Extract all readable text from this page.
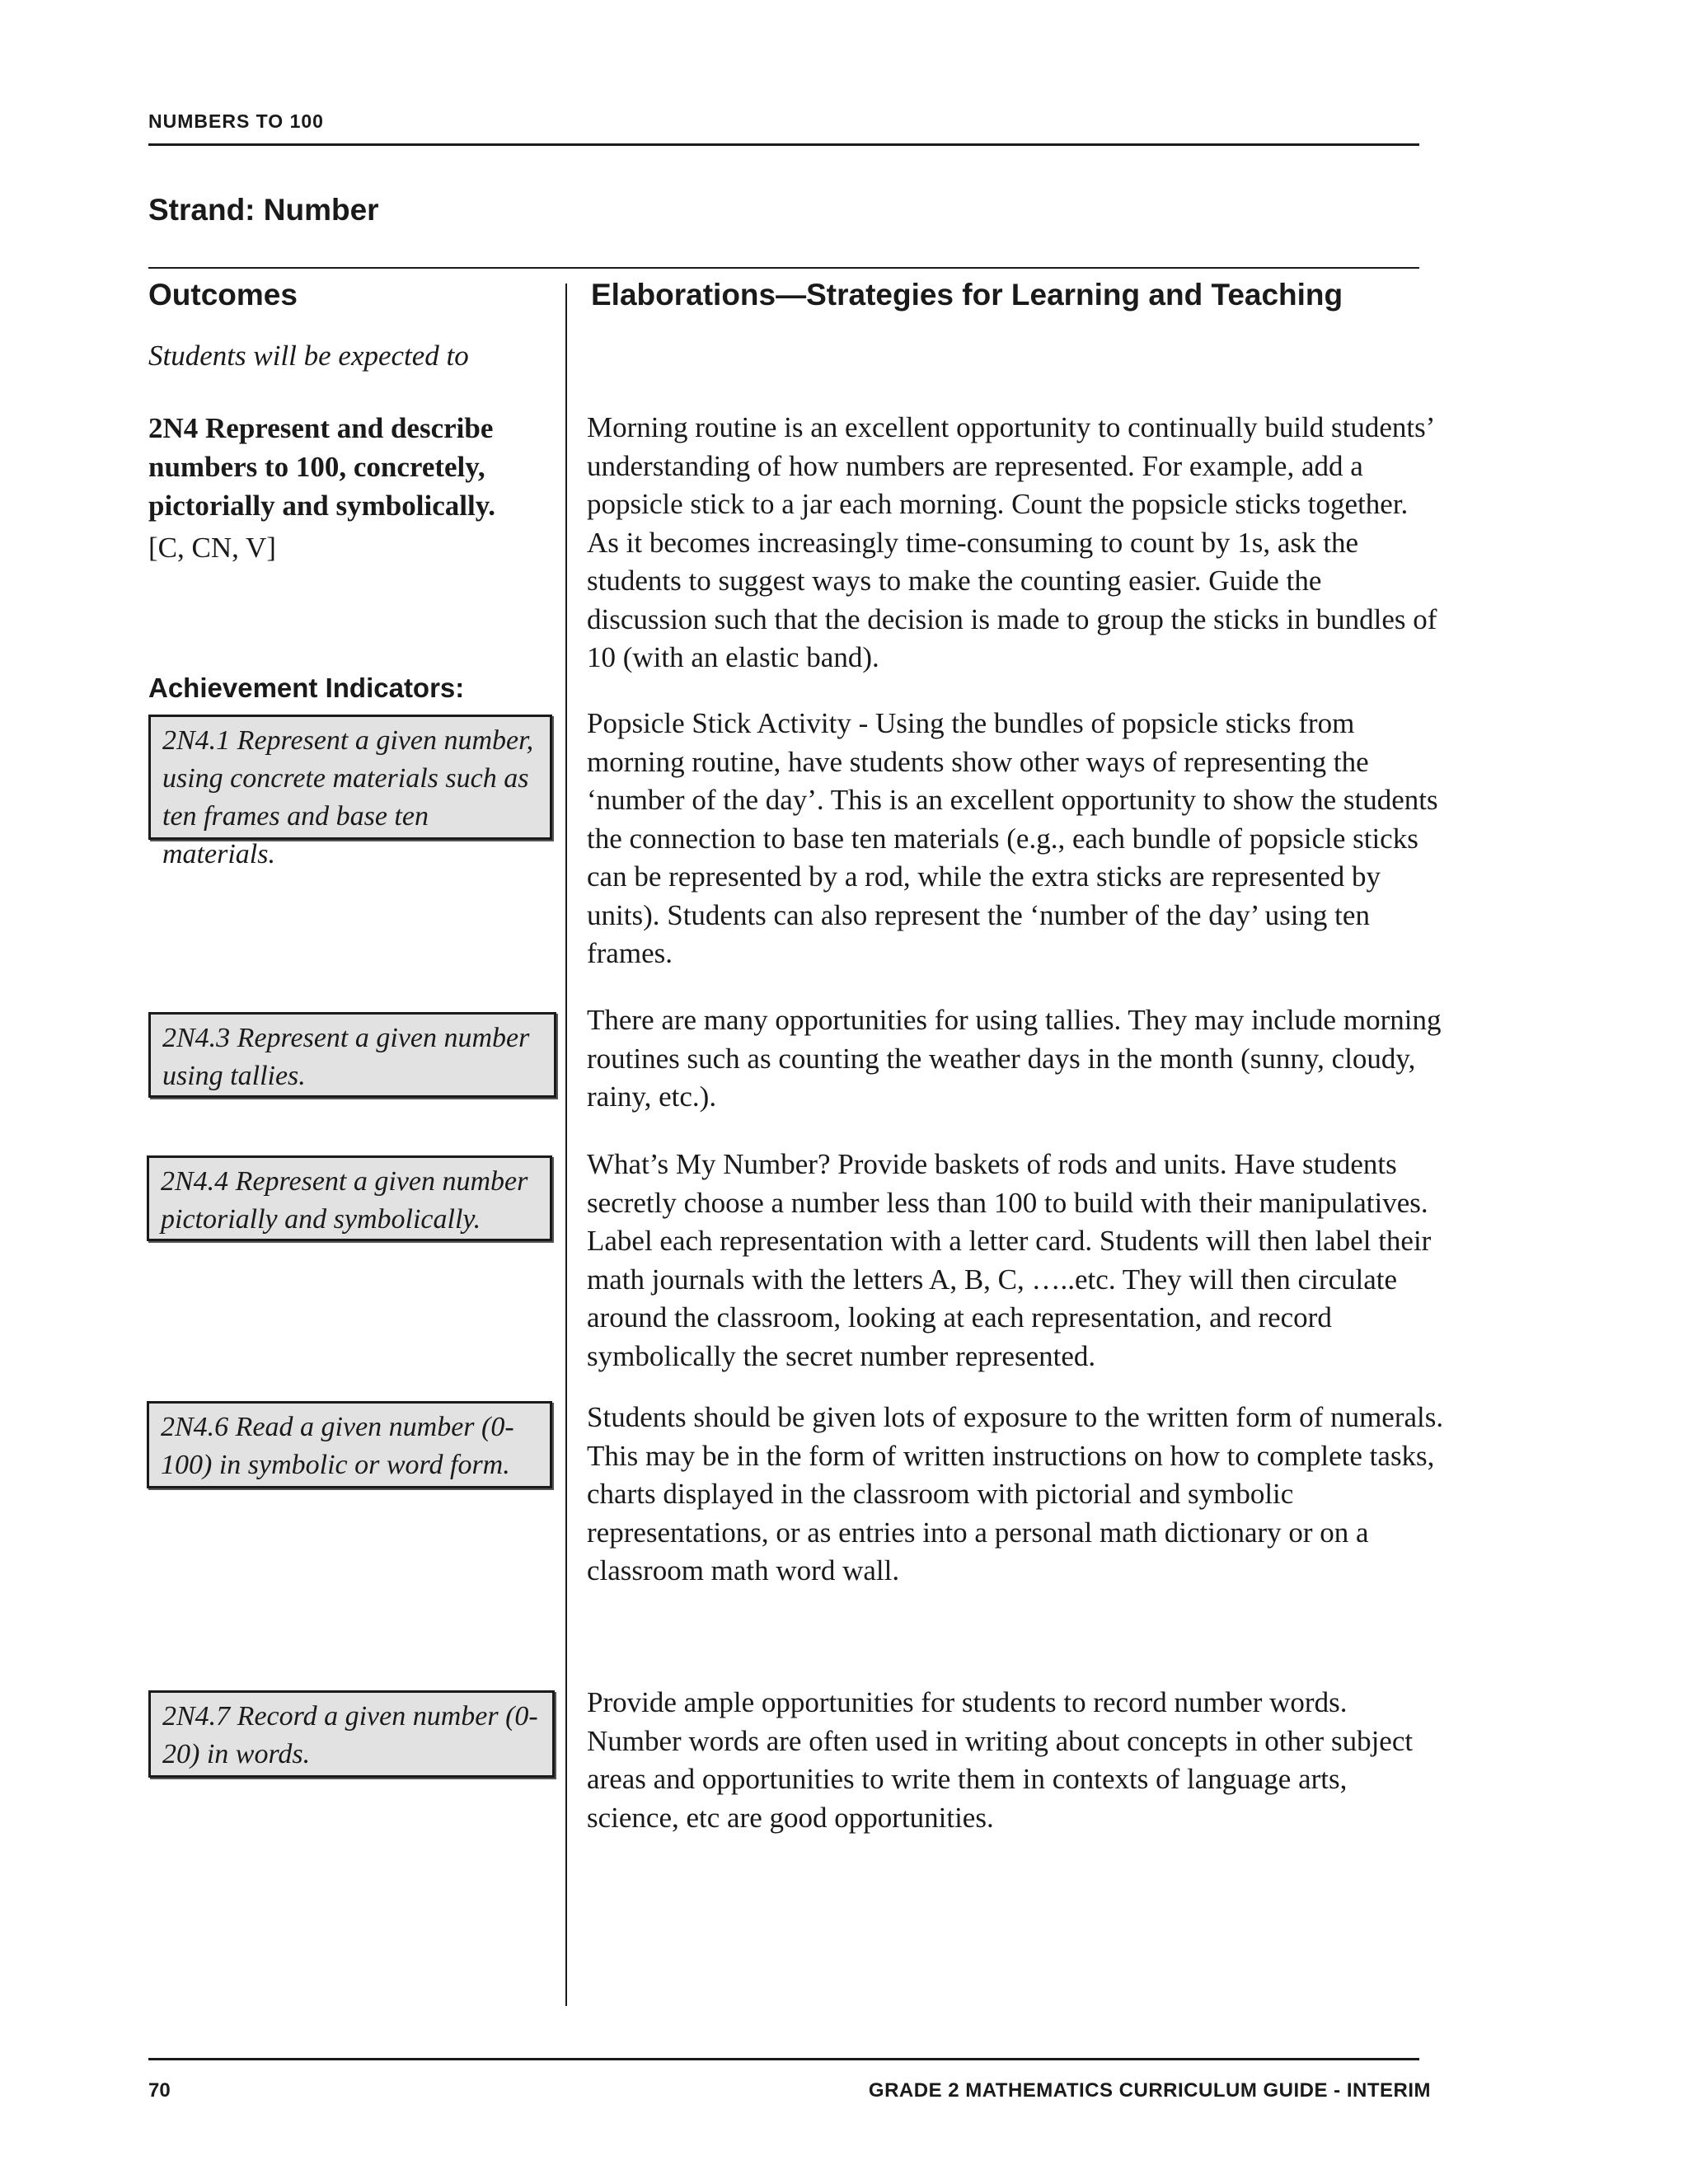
NUMBERS TO 100
Strand: Number
Outcomes	Elaborations—Strategies for Learning and Teaching
Students will be expected to
2N4 Represent and describe numbers to 100, concretely, pictorially and symbolically.
[C, CN, V]
Achievement Indicators:
2N4.1 Represent a given number, using concrete materials such as ten frames and base ten materials.
2N4.3 Represent a given number using tallies.
2N4.4 Represent a given number pictorially and symbolically.
2N4.6 Read a given number (0-100) in symbolic or word form.
2N4.7 Record a given number (0-20) in words.
Morning routine is an excellent opportunity to continually build students’ understanding of how numbers are represented. For example, add a popsicle stick to a jar each morning. Count the popsicle sticks together. As it becomes increasingly time-consuming to count by 1s, ask the students to suggest ways to make the counting easier. Guide the discussion such that the decision is made to group the sticks in bundles of 10 (with an elastic band).
Popsicle Stick Activity - Using the bundles of popsicle sticks from morning routine, have students show other ways of representing the ‘number of the day’. This is an excellent opportunity to show the students the connection to base ten materials (e.g., each bundle of popsicle sticks can be represented by a rod, while the extra sticks are represented by units). Students can also represent the ‘number of the day’ using ten frames.
There are many opportunities for using tallies. They may include morning routines such as counting the weather days in the month (sunny, cloudy, rainy, etc.).
What’s My Number? Provide baskets of rods and units. Have students secretly choose a number less than 100 to build with their manipulatives. Label each representation with a letter card. Students will then label their math journals with the letters A, B, C, …..etc. They will then circulate around the classroom, looking at each representation, and record symbolically the secret number represented.
Students should be given lots of exposure to the written form of numerals. This may be in the form of written instructions on how to complete tasks, charts displayed in the classroom with pictorial and symbolic representations, or as entries into a personal math dictionary or on a classroom math word wall.
Provide ample opportunities for students to record number words. Number words are often used in writing about concepts in other subject areas and opportunities to write them in contexts of language arts, science, etc are good opportunities.
70	GRADE 2 MATHEMATICS CURRICULUM GUIDE - INTERIM
